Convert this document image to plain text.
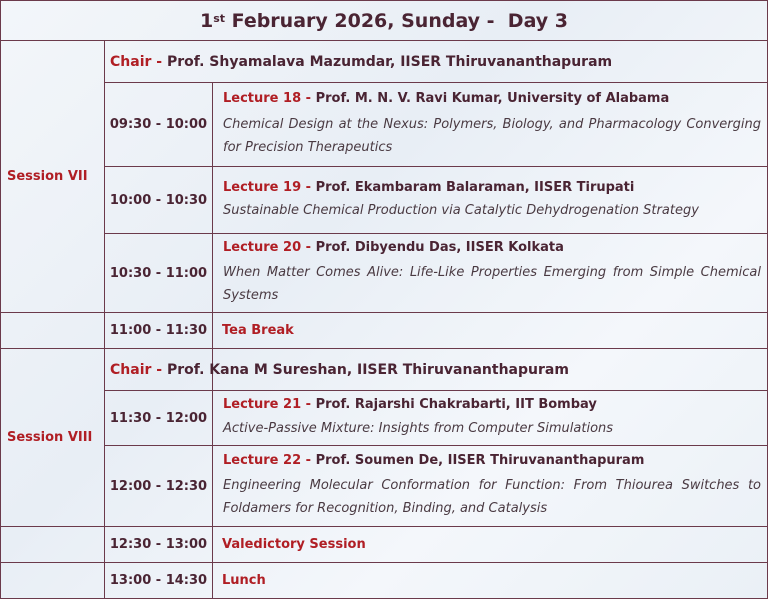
1st February 2026, Sunday -  Day 3
Session VII
Chair - Prof. Shyamalava Mazumdar, IISER Thiruvananthapuram
09:30 - 10:00
Lecture 18 - Prof. M. N. V. Ravi Kumar, University of Alabama
Chemical Design at the Nexus: Polymers, Biology, and Pharmacology Converging for Precision Therapeutics
10:00 - 10:30
Lecture 19 - Prof. Ekambaram Balaraman, IISER Tirupati
Sustainable Chemical Production via Catalytic Dehydrogenation Strategy
10:30 - 11:00
Lecture 20 - Prof. Dibyendu Das, IISER Kolkata
When Matter Comes Alive: Life-Like Properties Emerging from Simple Chemical Systems
11:00 - 11:30 Tea Break
Session VIII
Chair - Prof. Kana M Sureshan, IISER Thiruvananthapuram
11:30 - 12:00
Lecture 21 - Prof. Rajarshi Chakrabarti, IIT Bombay
Active-Passive Mixture: Insights from Computer Simulations
12:00 - 12:30
Lecture 22 - Prof. Soumen De, IISER Thiruvananthapuram
Engineering Molecular Conformation for Function: From Thiourea Switches to Foldamers for Recognition, Binding, and Catalysis
12:30 - 13:00 Valedictory Session
13:00 - 14:30 Lunch
